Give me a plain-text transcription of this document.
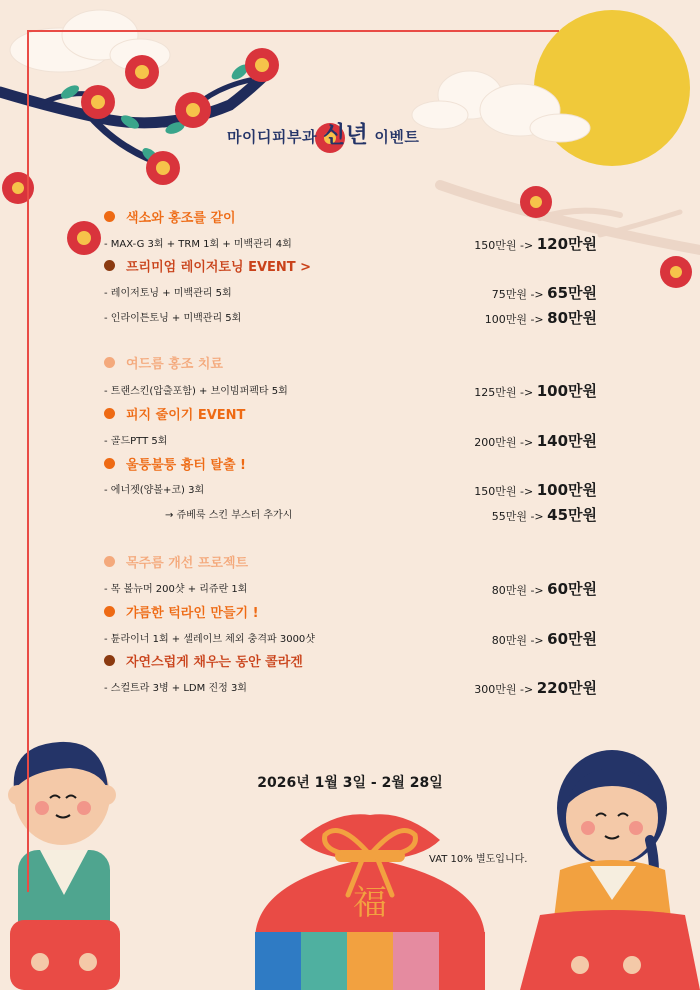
마이디피부과 신년 이벤트
색소와 홍조를 같이
- MAX-G 3회 + TRM 1회 + 미백관리 4회	150만원 -> 120만원
프리미엄 레이저토닝 EVENT >
- 레이저토닝 + 미백관리 5회	75만원 -> 65만원
- 인라이튼토닝 + 미백관리 5회	100만원 -> 80만원
여드름 홍조 치료
- 트랜스킨(압출포함) + 브이빔퍼펙타 5회	125만원 -> 100만원
피지 줄이기 EVENT
- 골드PTT 5회	200만원 -> 140만원
울퉁불퉁 흉터 탈출 !
- 에너젯(양볼+코) 3회	150만원 -> 100만원
→ 쥬베룩 스킨 부스터 추가시	55만원 -> 45만원
목주름 개선 프로젝트
- 목 볼뉴머 200샷 + 리쥬란 1회	80만원 -> 60만원
갸름한 턱라인 만들기 !
- 튠라이너 1회 + 셀레이브 체외 충격파 3000샷	80만원 -> 60만원
자연스럽게 채우는 동안 콜라겐
- 스컬트라 3병 + LDM 진정 3회	300만원 -> 220만원
2026년 1월 3일 - 2월 28일
VAT 10% 별도입니다.
福
